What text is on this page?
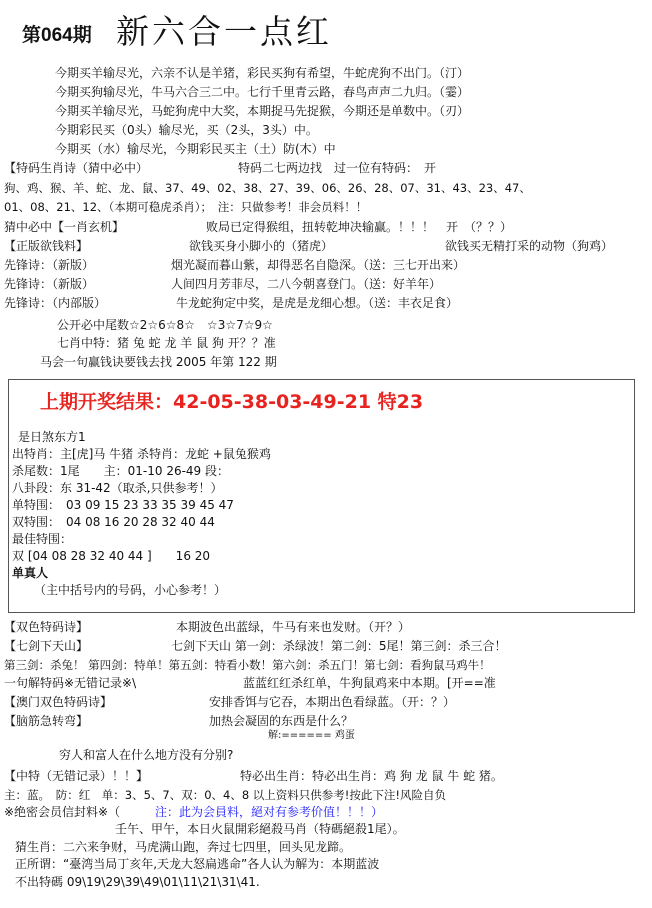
第064期 新六合一点红
今期买羊输尽光，六亲不认是羊猪，彩民买狗有希望，牛蛇虎狗不出门。（汀）
今期买狗输尽光，牛马六合三二中。七行千里青云路，春鸟声声二九归。（霎）
今期买羊输尽光，马蛇狗虎中大奖，本期捉马先捉猴，今期还是单数中。（刃）
今期彩民买（0头）输尽光，买（2头，3头）中。
今期买（水）输尽光，今期彩民买主（土）防(木）中
【特码生肖诗（猜中必中）	特码二七两边找　过一位有特码：　开
狗、鸡、猴、羊、蛇、龙、鼠、37、49、02、38、27、39、06、26、28、07、31、43、23、47、
01、08、21、12、（本期可稳虎杀肖）；　注：只做参考！非会员料！！
猜中必中【一肖玄机】	败局已定得猴组，扭转乾坤决输赢。！！！　开　（？？）
【正版欲钱料】	欲钱买身小脚小的（猪虎）	欲钱买无精打采的动物（狗鸡）
先锋诗：（新版）	烟光凝而暮山紫，却得恶名自隐深。（送：三七开出来）
先锋诗：（新版）	人间四月芳菲尽，二八今朝喜登门。（送：好羊年）
先锋诗：（内部版）	牛龙蛇狗定中奖，是虎是龙细心想。（送：丰衣足食）
公开必中尾数☆2☆6☆8☆　☆3☆7☆9☆
七肖中特：猪 兔 蛇 龙 羊 鼠 狗 开？？准
马会一句赢钱诀要钱去找 2005 年第 122 期
上期开奖结果：42-05-38-03-49-21 特23
是日煞东方1
出特肖：主[虎]马 牛猪 杀特肖：龙蛇 +鼠兔猴鸡
杀尾数：1尾　　主：01-10 26-49 段：
八卦段：东 31-42（取杀,只供参考！）
单特围：　03 09 15 23 33 35 39 45 47
双特围：　04 08 16 20 28 32 40 44
最佳特围：
双 [04 08 28 32 40 44 ]　　16 20
单真人
（主中括号内的号码，小心参考！）
【双色特码诗】	本期波色出蓝绿，牛马有来也发财。（开？）
【七剑下天山】	七剑下天山 第一剑：杀绿波！第二剑：5尾！第三剑：杀三合！
第三剑：杀兔！ 第四剑：特单！第五剑：特看小数！第六剑：杀五门！第七剑：看狗鼠马鸡牛！
一句解特码※无错记录※\	蓝蓝红红杀红单，牛狗鼠鸡来中本期。[开==准
【澳门双色特码诗】	安排香饵与它吞，本期出色看绿蓝。（开：？）
【脑筋急转弯】	加热会凝固的东西是什么？
解:====== 鸡蛋
穷人和富人在什么地方没有分别?
【中特（无错记录）！！】	特必出生肖：特必出生肖：鸡 狗 龙 鼠 牛 蛇 猪。
主：蓝。　防：红　单：3、5、7、双：0、4、8 以上资料只供参考!按此下注!风险自负
※绝密会员信封料※（	注：此为会員料，絕对有参考价值！！！）
壬午、甲午，本日火鼠開彩絕殺马肖（特碼絕殺1尾）。
猜生肖：二六来争财，马虎满山跑，奔过七四里，回头见龙蹄。
正所谓：“臺湾当局丁亥年,天龙大怒扁逃命”各人认为解为：本期蓝波
不出特碼 09\19\29\39\49\01\11\21\31\41.
